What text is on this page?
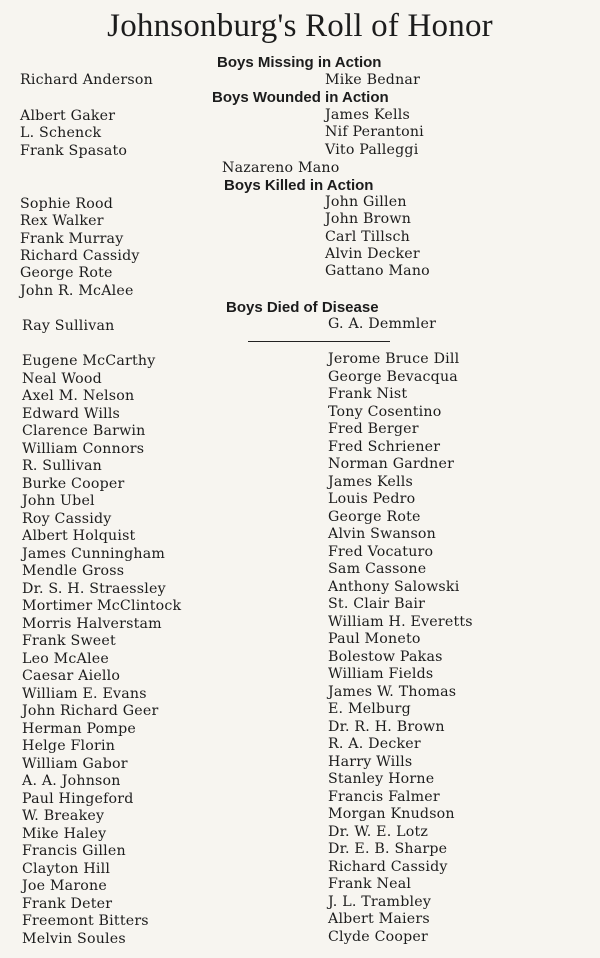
Johnsonburg's Roll of Honor
Boys Missing in Action
Richard Anderson	Mike Bednar
Boys Wounded in Action
Albert Gaker
L. Schenck
Frank Spasato
James Kells
Nif Perantoni
Vito Palleggi
Nazareno Mano
Boys Killed in Action
Sophie Rood
Rex Walker
Frank Murray
Richard Cassidy
George Rote
John R. McAlee
John Gillen
John Brown
Carl Tillsch
Alvin Decker
Gattano Mano
Boys Died of Disease
Ray Sullivan	G. A. Demmler
Eugene McCarthy
Neal Wood
Axel M. Nelson
Edward Wills
Clarence Barwin
William Connors
R. Sullivan
Burke Cooper
John Ubel
Roy Cassidy
Albert Holquist
James Cunningham
Mendle Gross
Dr. S. H. Straessley
Mortimer McClintock
Morris Halverstam
Frank Sweet
Leo McAlee
Caesar Aiello
William E. Evans
John Richard Geer
Herman Pompe
Helge Florin
William Gabor
A. A. Johnson
Paul Hingeford
W. Breakey
Mike Haley
Francis Gillen
Clayton Hill
Joe Marone
Frank Deter
Freemont Bitters
Melvin Soules
Jerome Bruce Dill
George Bevacqua
Frank Nist
Tony Cosentino
Fred Berger
Fred Schriener
Norman Gardner
James Kells
Louis Pedro
George Rote
Alvin Swanson
Fred Vocaturo
Sam Cassone
Anthony Salowski
St. Clair Bair
William H. Everetts
Paul Moneto
Bolestow Pakas
William Fields
James W. Thomas
E. Melburg
Dr. R. H. Brown
R. A. Decker
Harry Wills
Stanley Horne
Francis Falmer
Morgan Knudson
Dr. W. E. Lotz
Dr. E. B. Sharpe
Richard Cassidy
Frank Neal
J. L. Trambley
Albert Maiers
Clyde Cooper
